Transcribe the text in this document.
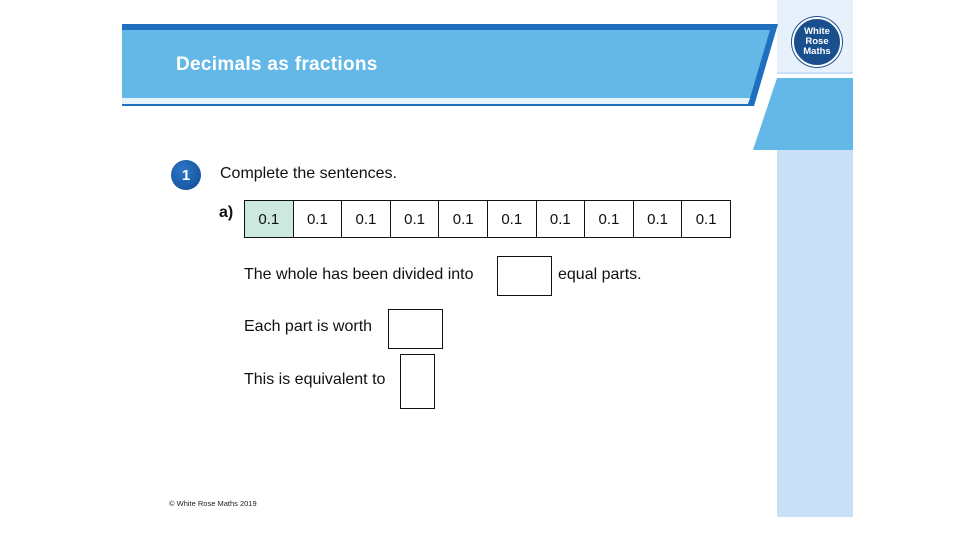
Decimals as fractions
White
Rose
Maths
1	Complete the sentences.
a)	0.1	0.1	0.1	0.1	0.1	0.1	0.1	0.1	0.1	0.1
The whole has been divided into	equal parts.
Each part is worth
This is equivalent to
© White Rose Maths 2019
